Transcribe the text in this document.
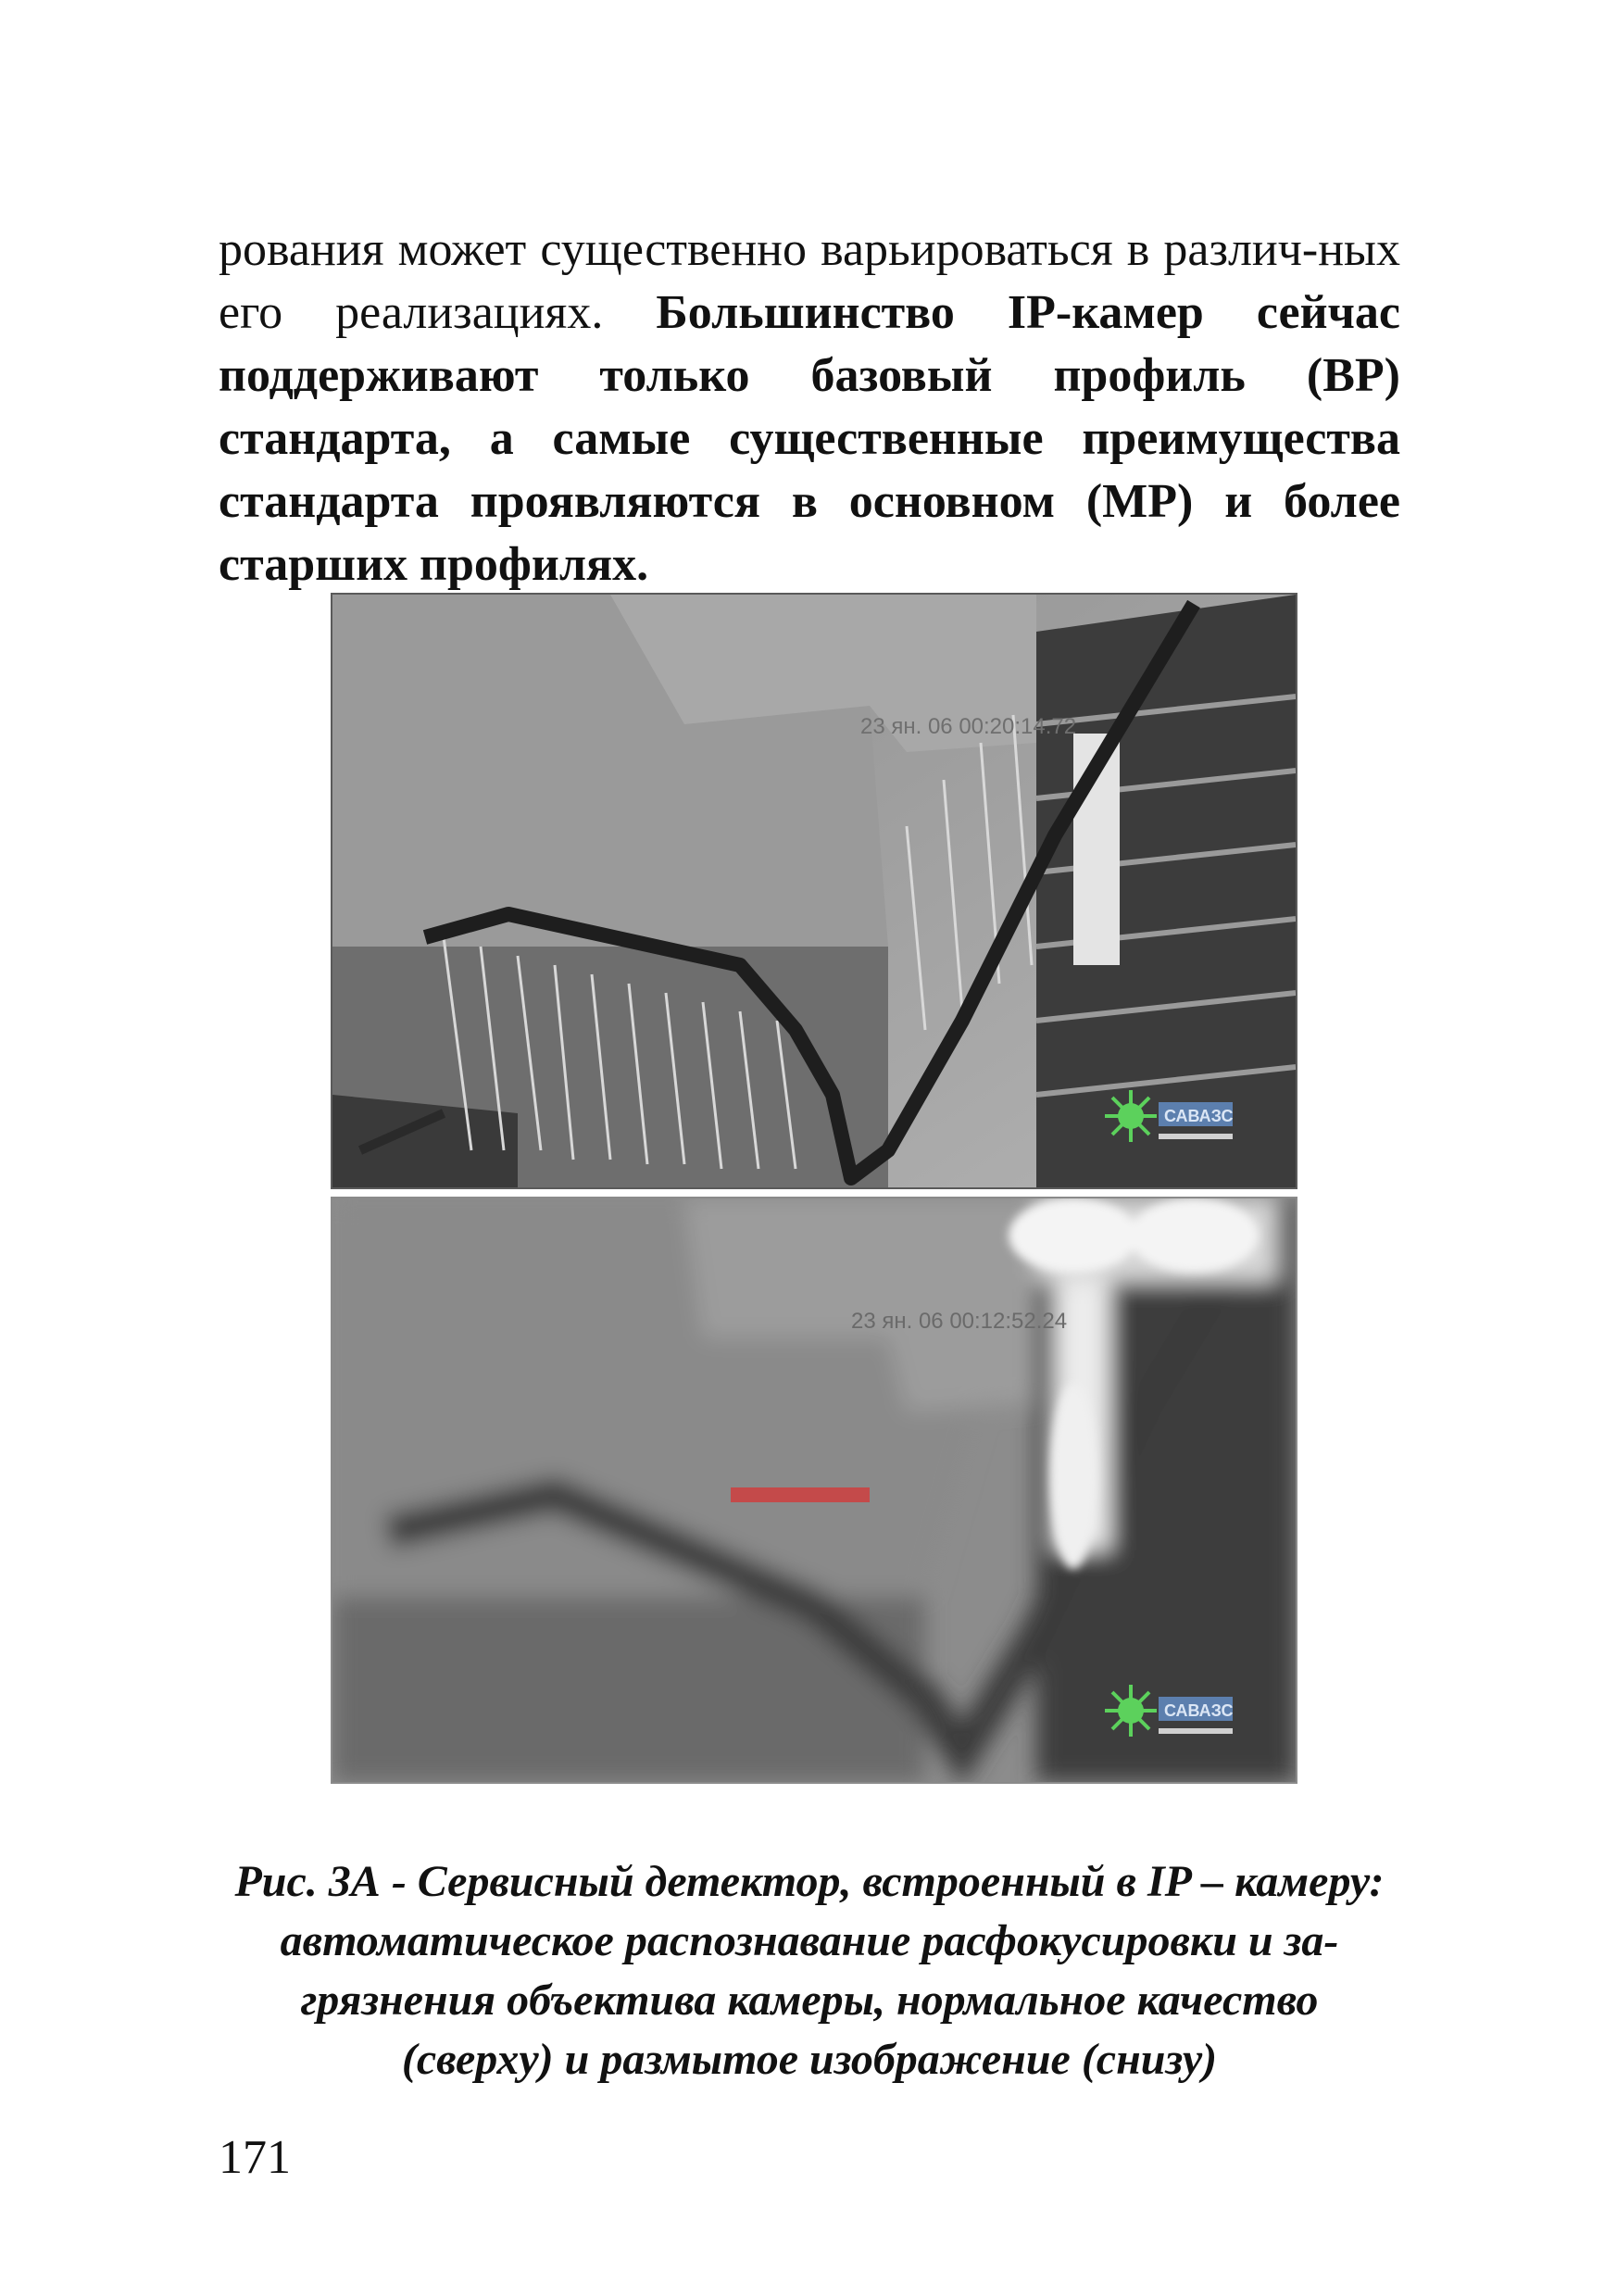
рования может существенно варьироваться в различ-ных его реализациях. Большинство IP-камер сейчас поддерживают только базовый профиль (BP) стандарта, а самые существенные преимущества стандарта проявляются в основном (MP) и более старших профилях.
23 ян. 06 00:20:14.72
САВАЗС
23 ян. 06 00:12:52.24
САВАЗС
Рис. 3А - Сервисный детектор, встроенный в IP – камеру:
автоматическое распознавание расфокусировки и за-
грязнения объектива камеры, нормальное качество
(сверху) и размытое изображение (снизу)
171
